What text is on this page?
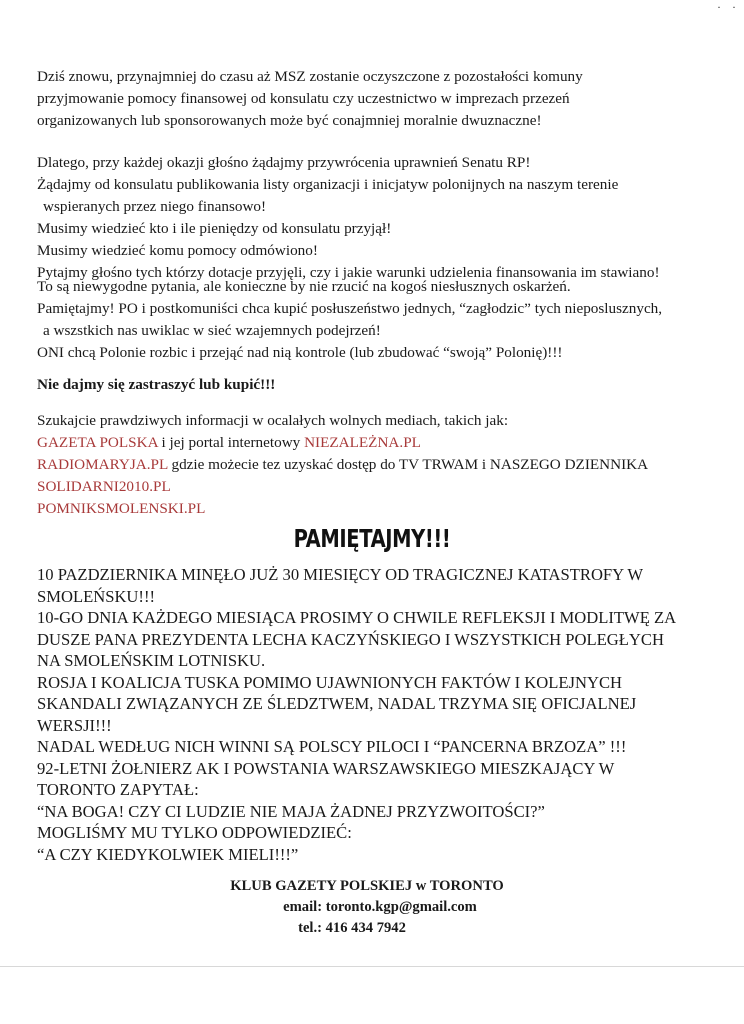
· ·
Dziś znowu, przynajmniej do czasu aż MSZ zostanie oczyszczone z pozostałości komuny
przyjmowanie pomocy finansowej od konsulatu czy uczestnictwo w imprezach przezeń
organizowanych lub sponsorowanych może być conajmniej moralnie dwuznaczne!
Dlatego, przy każdej okazji głośno żądajmy przywrócenia uprawnień Senatu RP!
Żądajmy od konsulatu publikowania listy organizacji i inicjatyw polonijnych na naszym terenie
wspieranych przez niego finansowo!
Musimy wiedzieć kto i ile pieniędzy od konsulatu przyjął!
Musimy wiedzieć komu pomocy odmówiono!
Pytajmy głośno tych którzy dotacje przyjęli, czy i jakie warunki udzielenia finansowania im stawiano!
To są niewygodne pytania, ale konieczne by nie rzucić na kogoś niesłusznych oskarżeń.
Pamiętajmy! PO i postkomuniści chca kupić posłuszeństwo jednych, “zagłodzic” tych nieposlusznych,
a wszstkich nas uwiklac w sieć wzajemnych podejrzeń!
ONI chcą Polonie rozbic i przejąć nad nią kontrole (lub zbudować “swoją” Polonię)!!!
Nie dajmy się zastraszyć lub kupić!!!
Szukajcie prawdziwych informacji w ocalałych wolnych mediach, takich jak:
GAZETA POLSKA i jej portal internetowy NIEZALEŻNA.PL
RADIOMARYJA.PL gdzie możecie tez uzyskać dostęp do TV TRWAM i NASZEGO DZIENNIKA
SOLIDARNI2010.PL
POMNIKSMOLENSKI.PL
PAMIĘTAJMY!!!
10 PAZDZIERNIKA MINĘŁO JUŻ 30 MIESIĘCY OD TRAGICZNEJ KATASTROFY W
SMOLEŃSKU!!!
10-GO DNIA KAŻDEGO MIESIĄCA PROSIMY O CHWILE REFLEKSJI I MODLITWĘ ZA
DUSZE PANA PREZYDENTA LECHA KACZYŃSKIEGO I WSZYSTKICH POLEGŁYCH
NA SMOLEŃSKIM LOTNISKU.
ROSJA I KOALICJA TUSKA POMIMO UJAWNIONYCH FAKTÓW I KOLEJNYCH
SKANDALI ZWIĄZANYCH ZE ŚLEDZTWEM, NADAL TRZYMA SIĘ OFICJALNEJ
WERSJI!!!
NADAL WEDŁUG NICH WINNI SĄ POLSCY PILOCI I “PANCERNA BRZOZA” !!!
92-LETNI ŻOŁNIERZ AK I POWSTANIA WARSZAWSKIEGO MIESZKAJĄCY W
TORONTO ZAPYTAŁ:
“NA BOGA! CZY CI LUDZIE NIE MAJA ŻADNEJ PRZYZWOITOŚCI?”
MOGLIŚMY MU TYLKO ODPOWIEDZIEĆ:
“A CZY KIEDYKOLWIEK MIELI!!!”
KLUB GAZETY POLSKIEJ w TORONTO
email: toronto.kgp@gmail.com
tel.: 416 434 7942
